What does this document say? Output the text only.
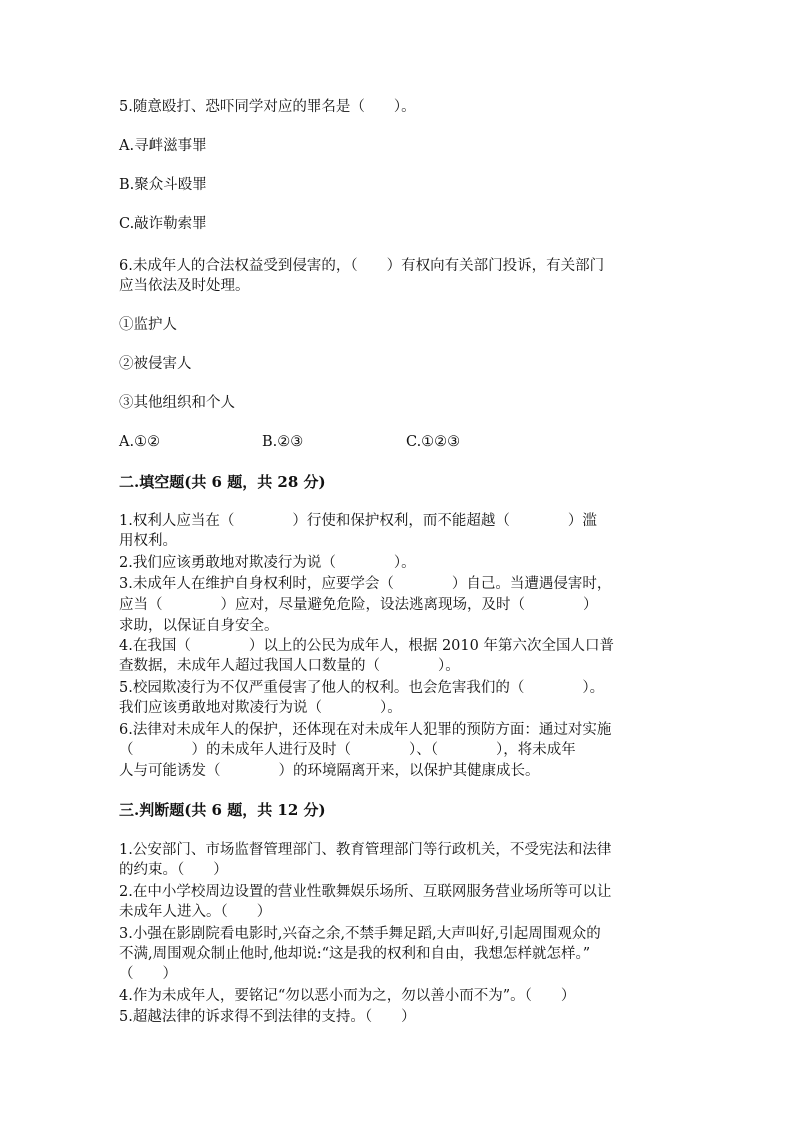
5.随意殴打、恐吓同学对应的罪名是（　　）。
A.寻衅滋事罪
B.聚众斗殴罪
C.敲诈勒索罪
6.未成年人的合法权益受到侵害的，（　　）有权向有关部门投诉，有关部门
应当依法及时处理。
①监护人
②被侵害人
③其他组织和个人

A.①②

	B.②③

	C.①②③

二.填空题(共 6 题，共 28 分)
1.权利人应当在（　　　　）行使和保护权利，而不能超越（　　　　）滥
用权利。
2.我们应该勇敢地对欺凌行为说（　　　　）。
3.未成年人在维护自身权利时，应要学会（　　　　）自己。当遭遇侵害时，
应当（　　　　）应对，尽量避免危险，设法逃离现场，及时（　　　　）
求助，以保证自身安全。
4.在我国（　　　　）以上的公民为成年人，根据 2010 年第六次全国人口普
查数据，未成年人超过我国人口数量的（　　　　）。
5.校园欺凌行为不仅严重侵害了他人的权利。也会危害我们的（　　　　）。
我们应该勇敢地对欺凌行为说（　　　　）。
6.法律对未成年人的保护，还体现在对未成年人犯罪的预防方面：通过对实施
（　　　　）的未成年人进行及时（　　　　）、（　　　　），将未成年
人与可能诱发（　　　　）的环境隔离开来，以保护其健康成长。
三.判断题(共 6 题，共 12 分)
1.公安部门、市场监督管理部门、教育管理部门等行政机关，不受宪法和法律
的约束。（　　）
2.在中小学校周边设置的营业性歌舞娱乐场所、互联网服务营业场所等可以让
未成年人进入。（　　）
3.小强在影剧院看电影时,兴奋之余,不禁手舞足蹈,大声叫好,引起周围观众的
不满,周围观众制止他时,他却说:“这是我的权利和自由，我想怎样就怎样。”
（　　）
4.作为未成年人，要铭记“勿以恶小而为之，勿以善小而不为”。（　　）
5.超越法律的诉求得不到法律的支持。（　　）
